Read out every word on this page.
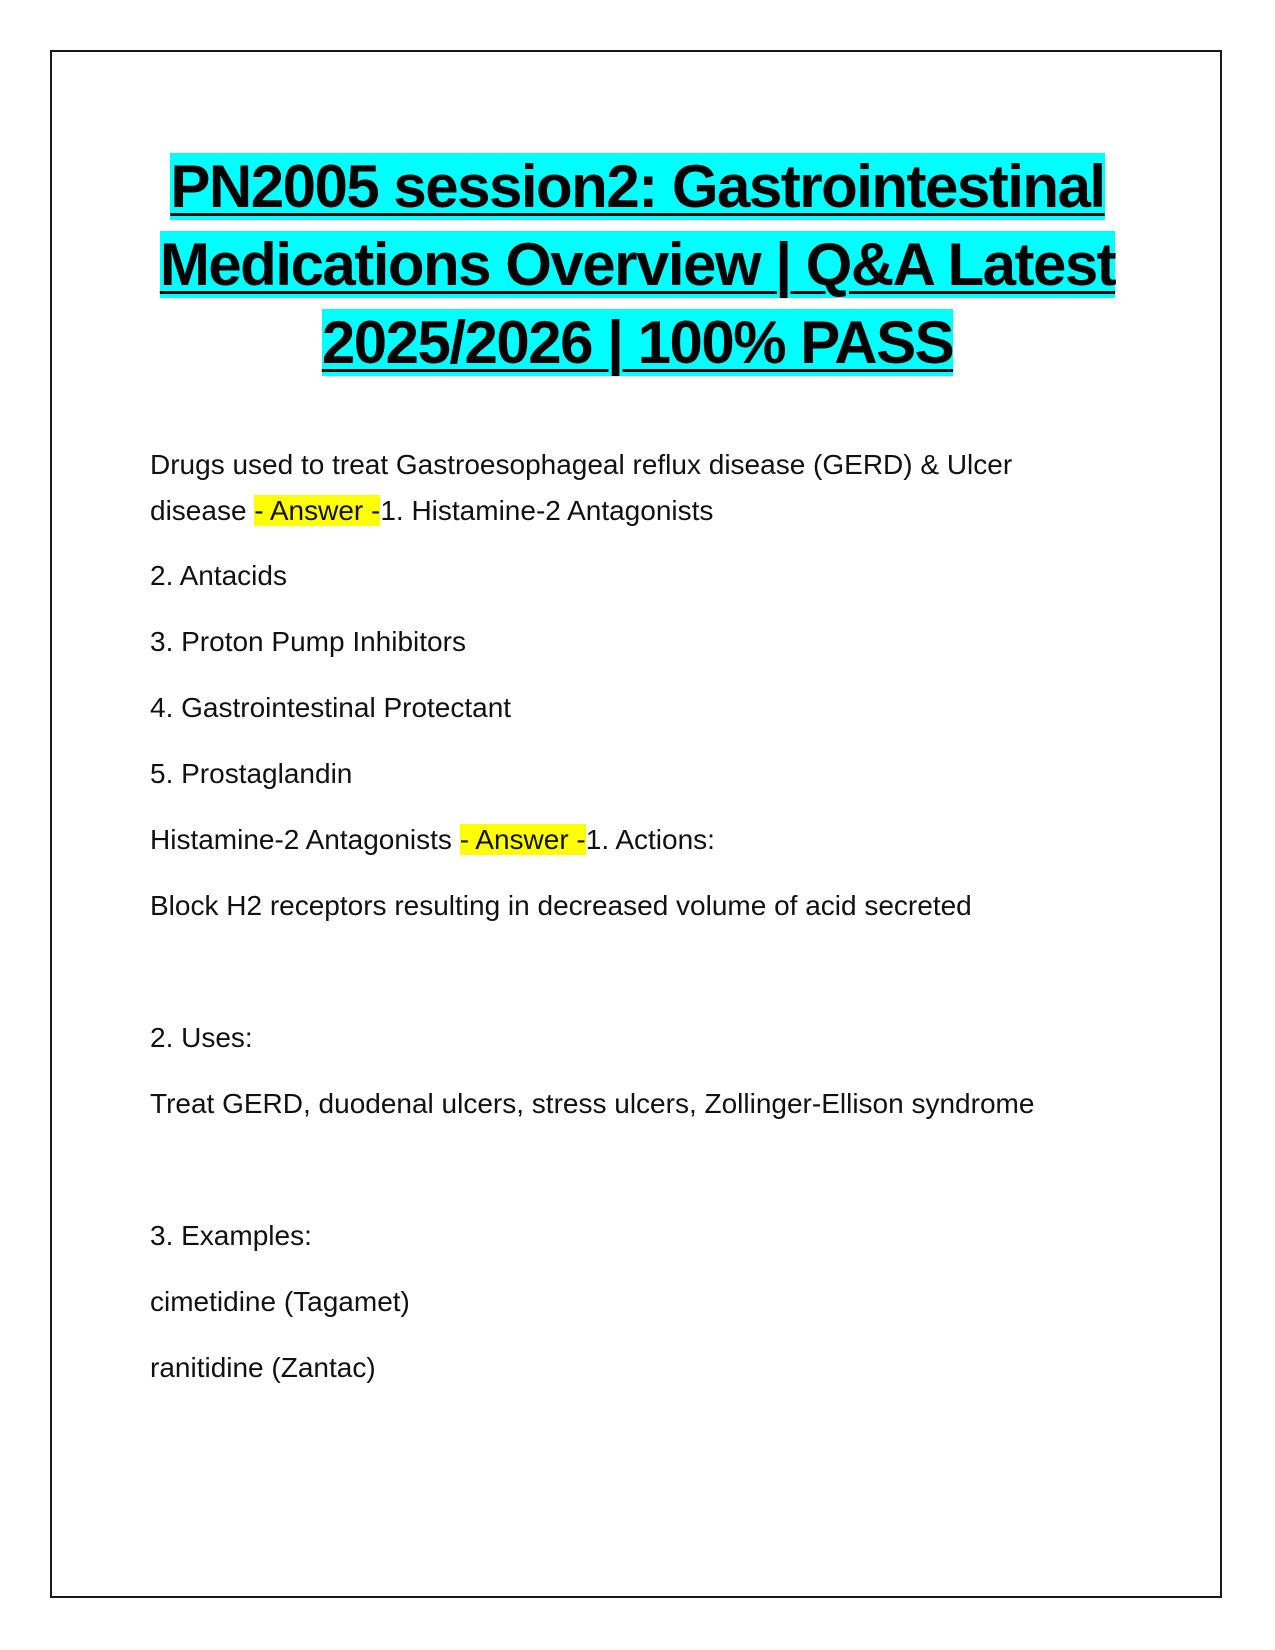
PN2005 session2: Gastrointestinal
Medications Overview | Q&A Latest
2025/2026 | 100% PASS
Drugs used to treat Gastroesophageal reflux disease (GERD) & Ulcer
disease - Answer -1. Histamine-2 Antagonists
2. Antacids
3. Proton Pump Inhibitors
4. Gastrointestinal Protectant
5. Prostaglandin
Histamine-2 Antagonists - Answer -1. Actions:
Block H2 receptors resulting in decreased volume of acid secreted
2. Uses:
Treat GERD, duodenal ulcers, stress ulcers, Zollinger-Ellison syndrome
3. Examples:
cimetidine (Tagamet)
ranitidine (Zantac)
